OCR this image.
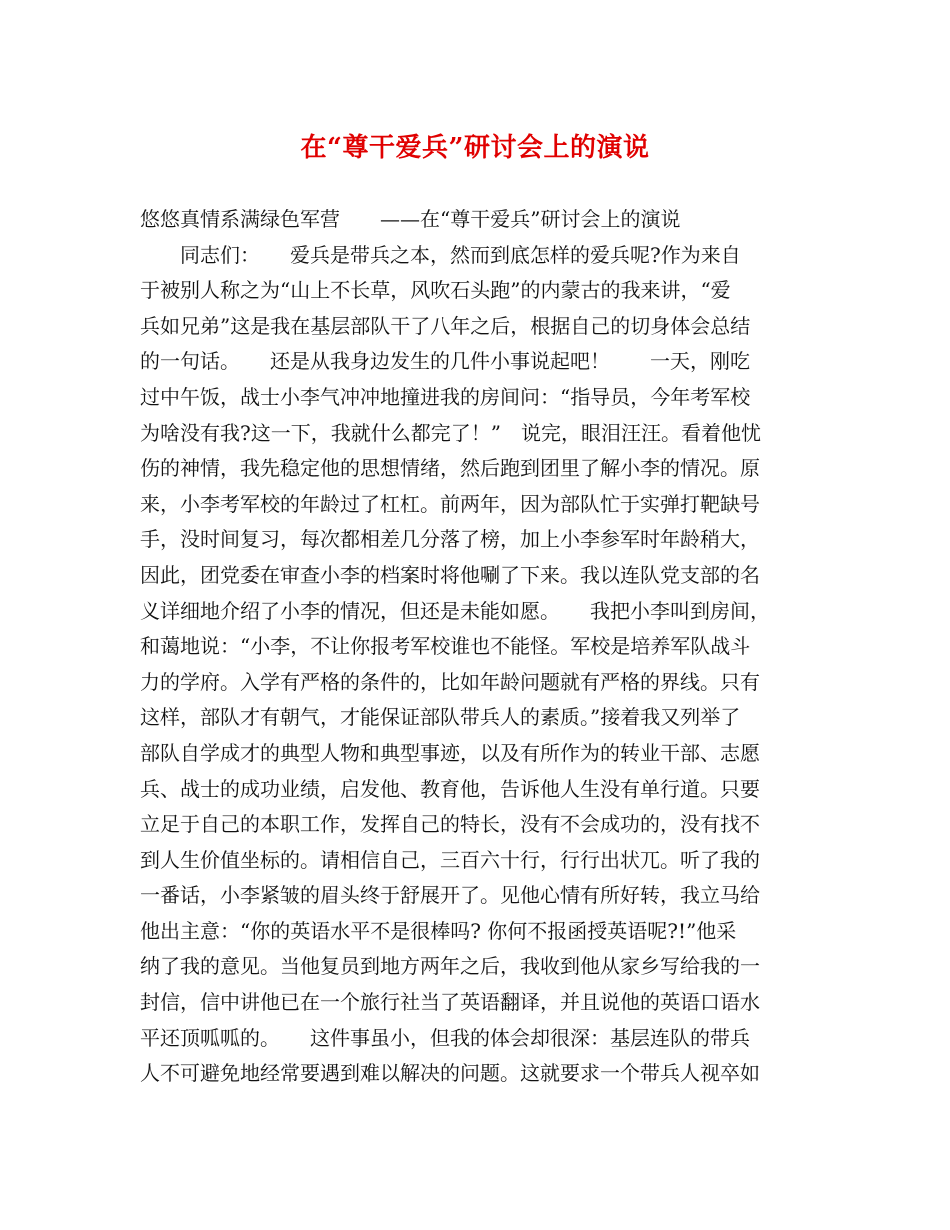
在“尊干爱兵”研讨会上的演说
悠悠真情系满绿色军营　　——在“尊干爱兵”研讨会上的演说
　　同志们：　　爱兵是带兵之本，然而到底怎样的爱兵呢?作为来自
于被别人称之为“山上不长草，风吹石头跑”的内蒙古的我来讲，“爱
兵如兄弟”这是我在基层部队干了八年之后，根据自己的切身体会总结
的一句话。　　还是从我身边发生的几件小事说起吧！　　一天，刚吃
过中午饭，战士小李气冲冲地撞进我的房间问：“指导员，今年考军校
为啥没有我?这一下，我就什么都完了！”　说完，眼泪汪汪。看着他忧
伤的神情，我先稳定他的思想情绪，然后跑到团里了解小李的情况。原
来，小李考军校的年龄过了杠杠。前两年，因为部队忙于实弹打靶缺号
手，没时间复习，每次都相差几分落了榜，加上小李参军时年龄稍大，
因此，团党委在审查小李的档案时将他唰了下来。我以连队党支部的名
义详细地介绍了小李的情况，但还是未能如愿。　　我把小李叫到房间，
和蔼地说：“小李，不让你报考军校谁也不能怪。军校是培养军队战斗
力的学府。入学有严格的条件的，比如年龄问题就有严格的界线。只有
这样，部队才有朝气，才能保证部队带兵人的素质。”接着我又列举了
部队自学成才的典型人物和典型事迹，以及有所作为的转业干部、志愿
兵、战士的成功业绩，启发他、教育他，告诉他人生没有单行道。只要
立足于自己的本职工作，发挥自己的特长，没有不会成功的，没有找不
到人生价值坐标的。请相信自己，三百六十行，行行出状兀。听了我的
一番话，小李紧皱的眉头终于舒展开了。见他心情有所好转，我立马给
他出主意：“你的英语水平不是很棒吗? 你何不报函授英语呢?!”他采
纳了我的意见。当他复员到地方两年之后，我收到他从家乡写给我的一
封信，信中讲他已在一个旅行社当了英语翻译，并且说他的英语口语水
平还顶呱呱的。　　这件事虽小，但我的体会却很深：基层连队的带兵
人不可避免地经常要遇到难以解决的问题。这就要求一个带兵人视卒如
